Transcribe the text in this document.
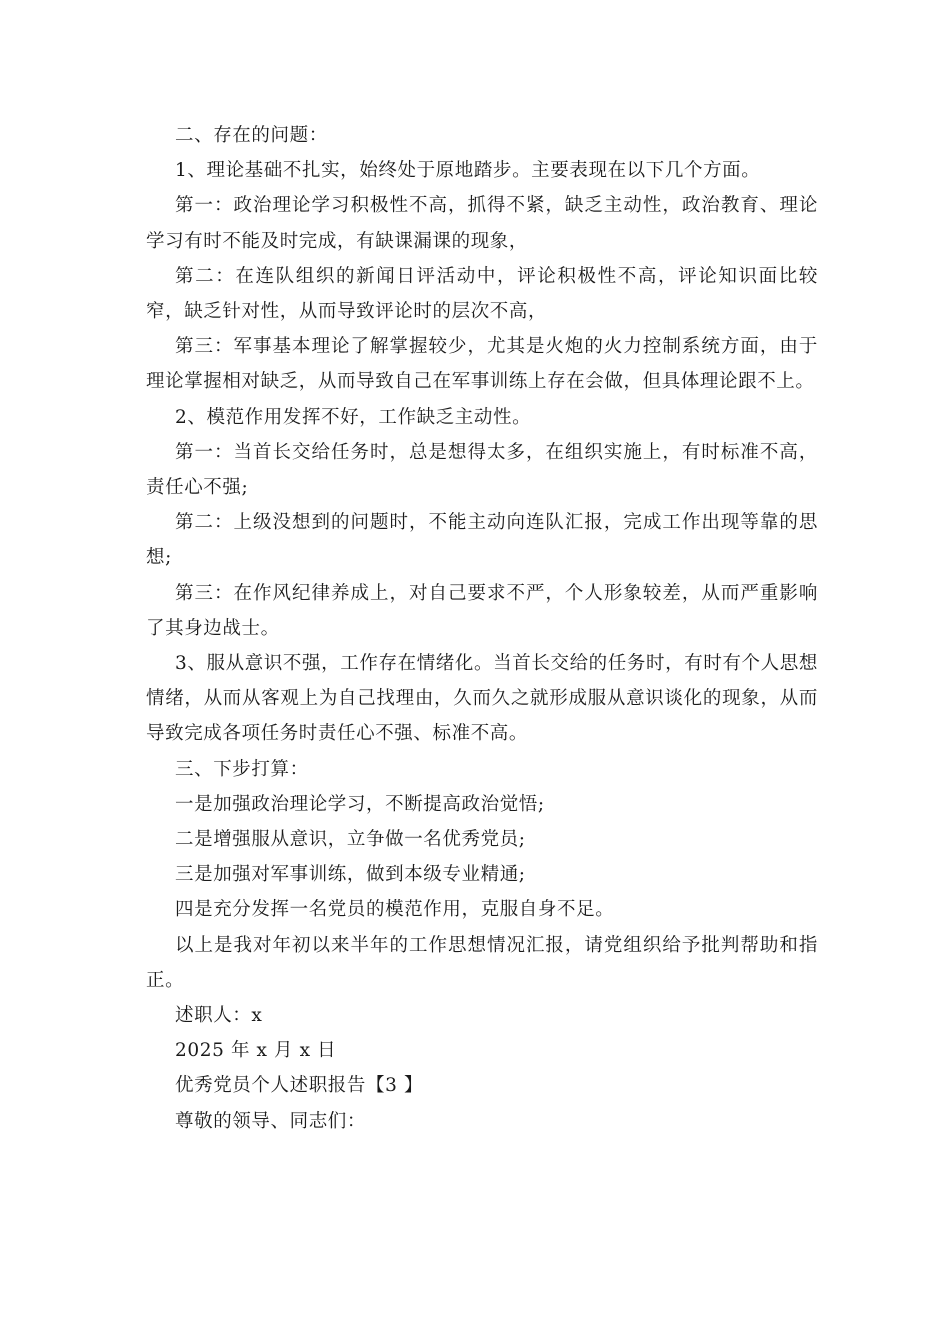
二、存在的问题：

1、理论基础不扎实，始终处于原地踏步。主要表现在以下几个方面。

第一：政治理论学习积极性不高，抓得不紧，缺乏主动性，政治教育、理论学习有时不能及时完成，有缺课漏课的现象，

第二：在连队组织的新闻日评活动中，评论积极性不高，评论知识面比较窄，缺乏针对性，从而导致评论时的层次不高，

第三：军事基本理论了解掌握较少，尤其是火炮的火力控制系统方面，由于理论掌握相对缺乏，从而导致自己在军事训练上存在会做，但具体理论跟不上。

2、模范作用发挥不好，工作缺乏主动性。

第一：当首长交给任务时，总是想得太多，在组织实施上，有时标准不高，责任心不强;

第二：上级没想到的问题时，不能主动向连队汇报，完成工作出现等靠的思想;

第三：在作风纪律养成上，对自己要求不严，个人形象较差，从而严重影响了其身边战士。

3、服从意识不强，工作存在情绪化。当首长交给的任务时，有时有个人思想情绪，从而从客观上为自己找理由，久而久之就形成服从意识谈化的现象，从而导致完成各项任务时责任心不强、标准不高。

三、下步打算：

一是加强政治理论学习，不断提高政治觉悟;

二是增强服从意识，立争做一名优秀党员;

三是加强对军事训练，做到本级专业精通;

四是充分发挥一名党员的模范作用，克服自身不足。

以上是我对年初以来半年的工作思想情况汇报，请党组织给予批判帮助和指正。

述职人：x

2025 年 x 月 x 日

优秀党员个人述职报告【3 】

尊敬的领导、同志们：
